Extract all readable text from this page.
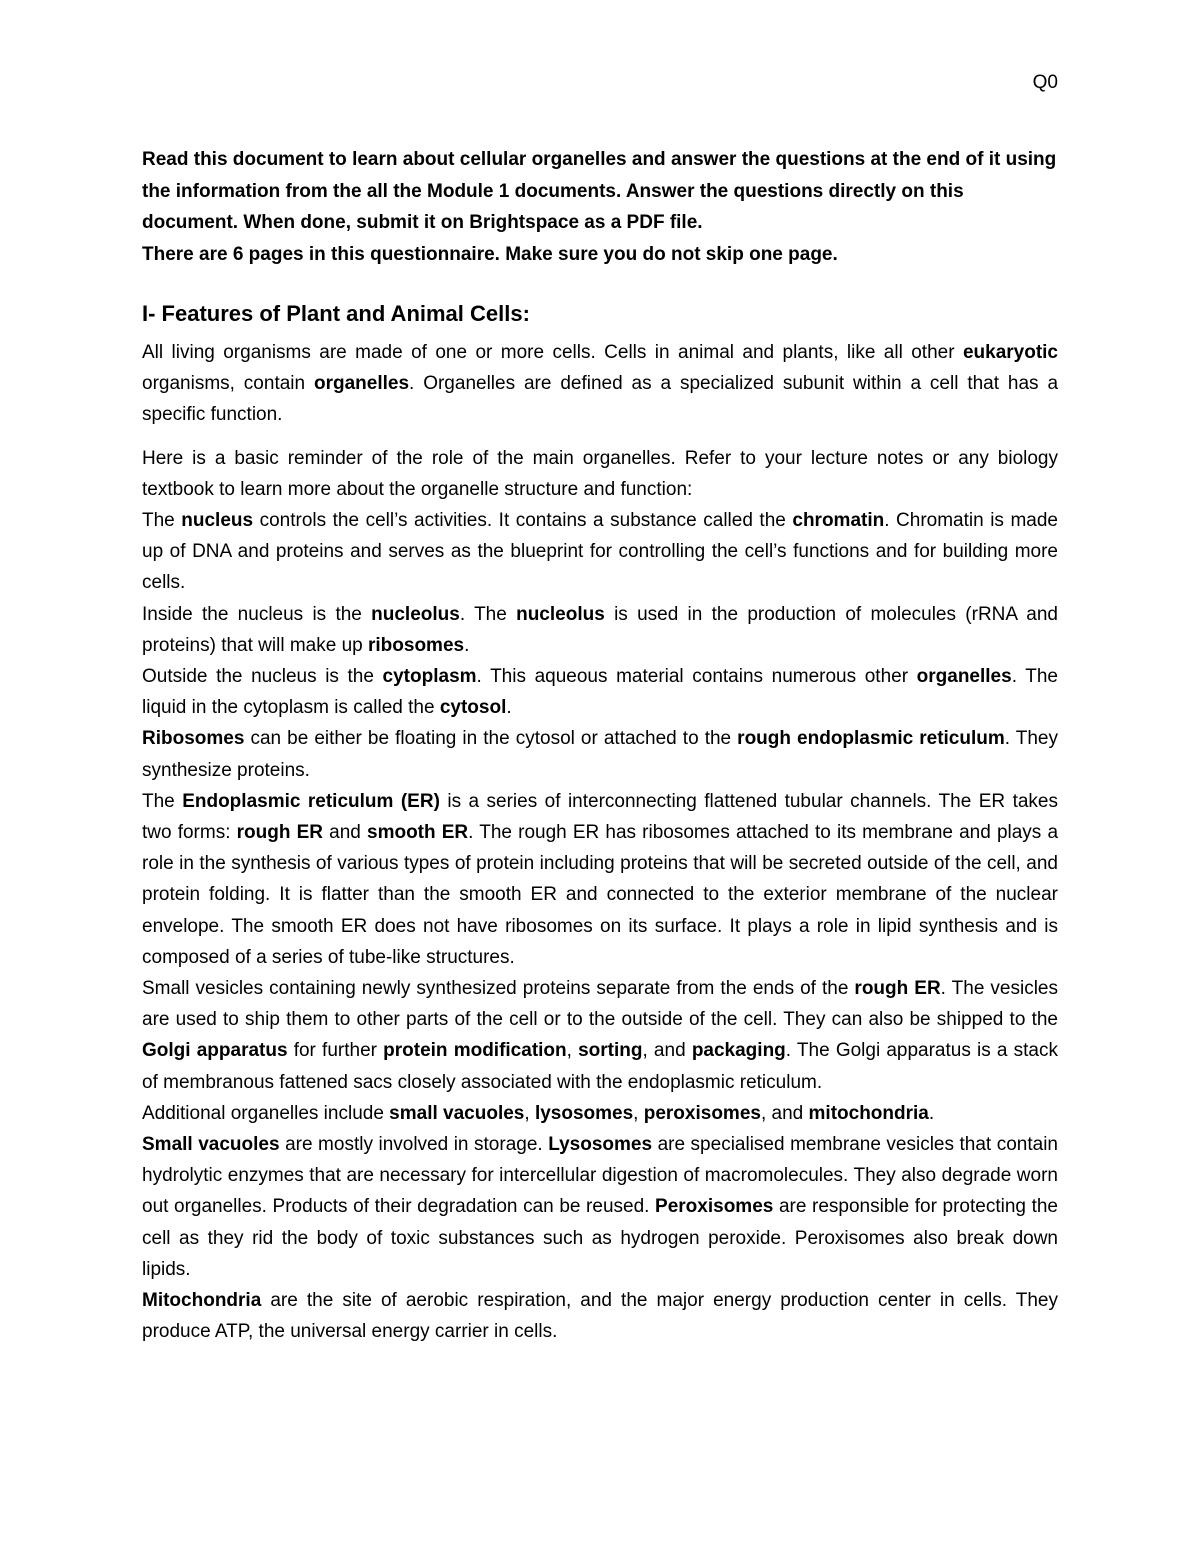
Q0

Read this document to learn about cellular organelles and answer the questions at the end of it using the information from the all the Module 1 documents. Answer the questions directly on this document. When done, submit it on Brightspace as a PDF file.

There are 6 pages in this questionnaire. Make sure you do not skip one page.

I- Features of Plant and Animal Cells:

All living organisms are made of one or more cells. Cells in animal and plants, like all other eukaryotic organisms, contain organelles. Organelles are defined as a specialized subunit within a cell that has a specific function.

Here is a basic reminder of the role of the main organelles. Refer to your lecture notes or any biology textbook to learn more about the organelle structure and function:

The nucleus controls the cell’s activities. It contains a substance called the chromatin. Chromatin is made up of DNA and proteins and serves as the blueprint for controlling the cell’s functions and for building more cells.

Inside the nucleus is the nucleolus. The nucleolus is used in the production of molecules (rRNA and proteins) that will make up ribosomes.

Outside the nucleus is the cytoplasm. This aqueous material contains numerous other organelles. The liquid in the cytoplasm is called the cytosol.

Ribosomes can be either be floating in the cytosol or attached to the rough endoplasmic reticulum. They synthesize proteins.

The Endoplasmic reticulum (ER) is a series of interconnecting flattened tubular channels. The ER takes two forms: rough ER and smooth ER. The rough ER has ribosomes attached to its membrane and plays a role in the synthesis of various types of protein including proteins that will be secreted outside of the cell, and protein folding. It is flatter than the smooth ER and connected to the exterior membrane of the nuclear envelope. The smooth ER does not have ribosomes on its surface. It plays a role in lipid synthesis and is composed of a series of tube-like structures.

Small vesicles containing newly synthesized proteins separate from the ends of the rough ER. The vesicles are used to ship them to other parts of the cell or to the outside of the cell. They can also be shipped to the Golgi apparatus for further protein modification, sorting, and packaging. The Golgi apparatus is a stack of membranous fattened sacs closely associated with the endoplasmic reticulum.

Additional organelles include small vacuoles, lysosomes, peroxisomes, and mitochondria.

Small vacuoles are mostly involved in storage. Lysosomes are specialised membrane vesicles that contain hydrolytic enzymes that are necessary for intercellular digestion of macromolecules. They also degrade worn out organelles. Products of their degradation can be reused. Peroxisomes are responsible for protecting the cell as they rid the body of toxic substances such as hydrogen peroxide. Peroxisomes also break down lipids.

Mitochondria are the site of aerobic respiration, and the major energy production center in cells. They produce ATP, the universal energy carrier in cells.
